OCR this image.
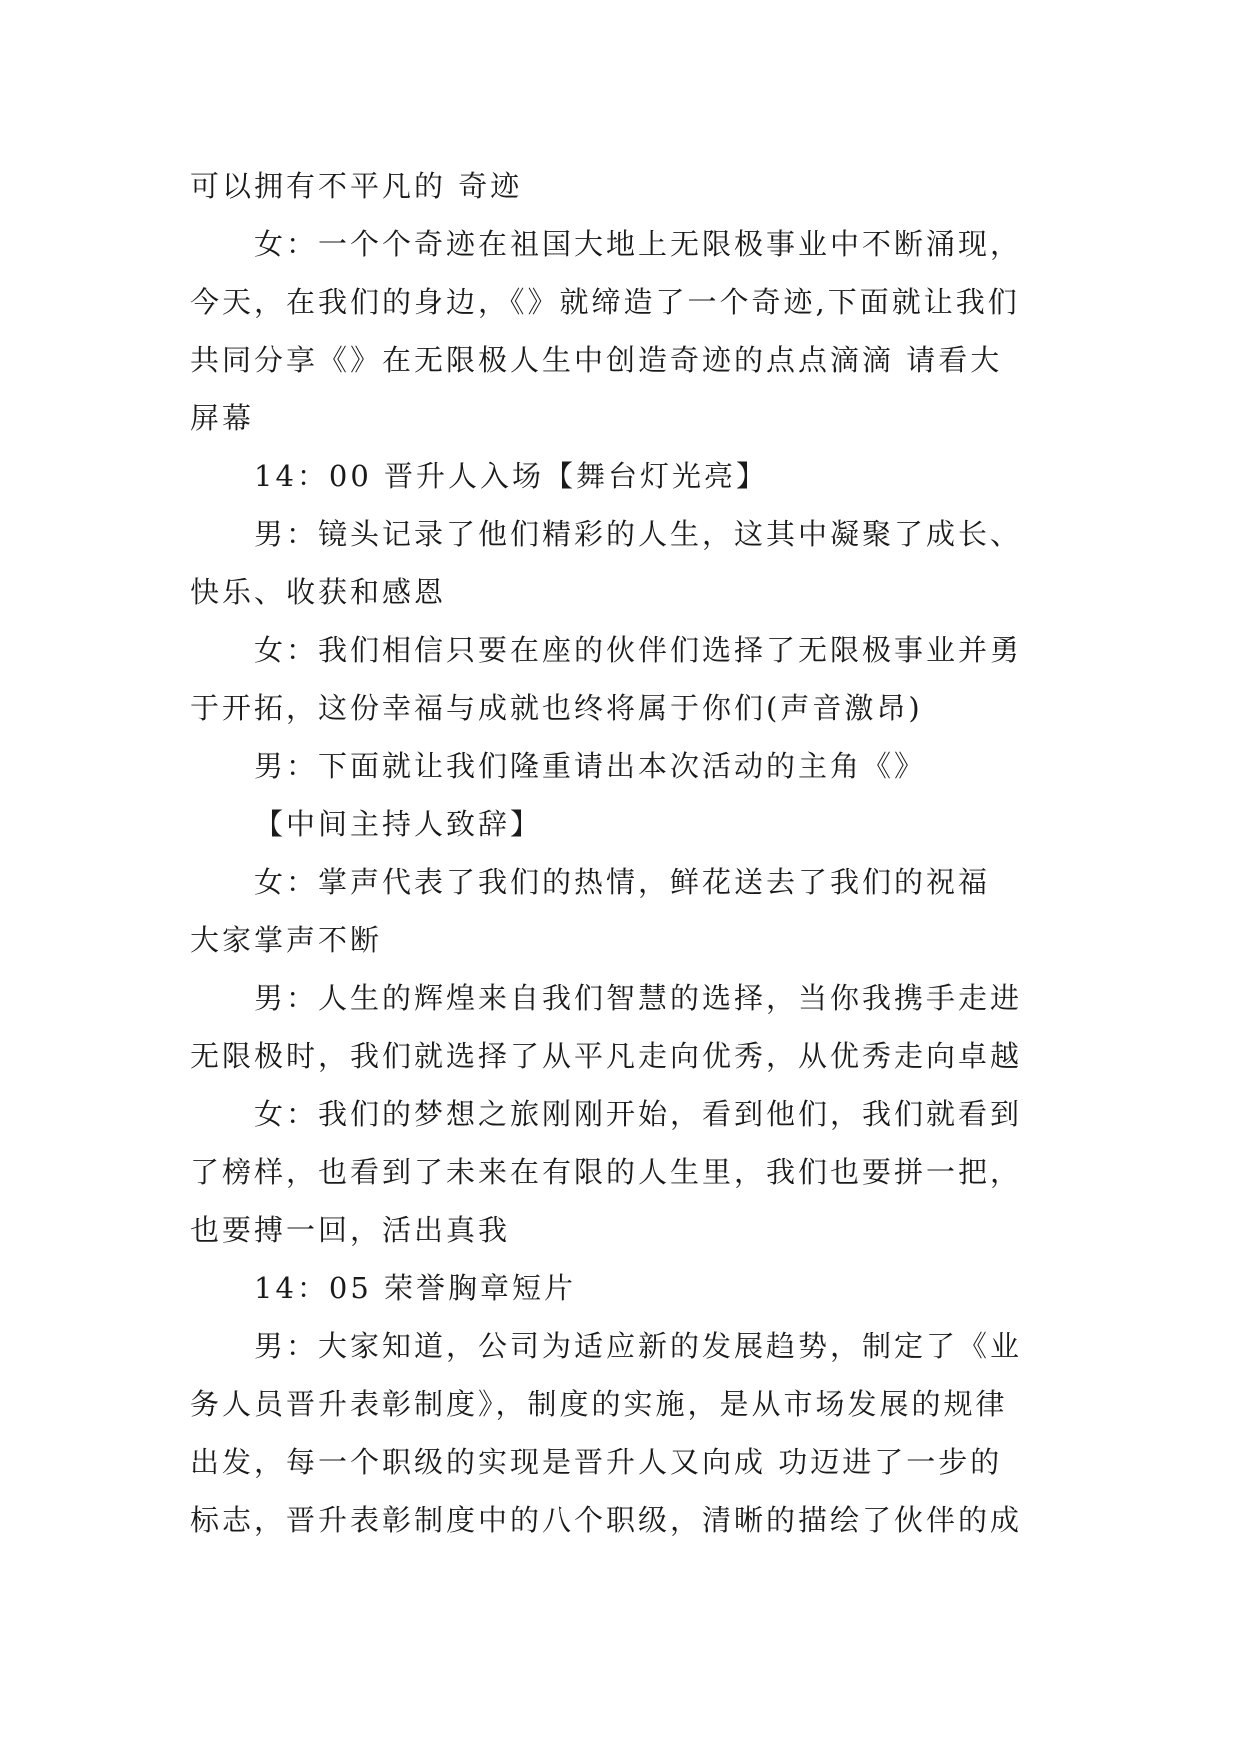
可以拥有不平凡的 奇迹
女：一个个奇迹在祖国大地上无限极事业中不断涌现，
今天，在我们的身边，《》就缔造了一个奇迹,下面就让我们
共同分享《》在无限极人生中创造奇迹的点点滴滴 请看大
屏幕
14：00 晋升人入场【舞台灯光亮】
男：镜头记录了他们精彩的人生，这其中凝聚了成长、
快乐、收获和感恩
女：我们相信只要在座的伙伴们选择了无限极事业并勇
于开拓，这份幸福与成就也终将属于你们(声音激昂)
男：下面就让我们隆重请出本次活动的主角《》
【中间主持人致辞】
女：掌声代表了我们的热情，鲜花送去了我们的祝福
大家掌声不断
男：人生的辉煌来自我们智慧的选择，当你我携手走进
无限极时，我们就选择了从平凡走向优秀，从优秀走向卓越
女：我们的梦想之旅刚刚开始，看到他们，我们就看到
了榜样，也看到了未来在有限的人生里，我们也要拼一把，
也要搏一回，活出真我
14：05 荣誉胸章短片
男：大家知道，公司为适应新的发展趋势，制定了《业
务人员晋升表彰制度》，制度的实施，是从市场发展的规律
出发，每一个职级的实现是晋升人又向成 功迈进了一步的
标志，晋升表彰制度中的八个职级，清晰的描绘了伙伴的成
